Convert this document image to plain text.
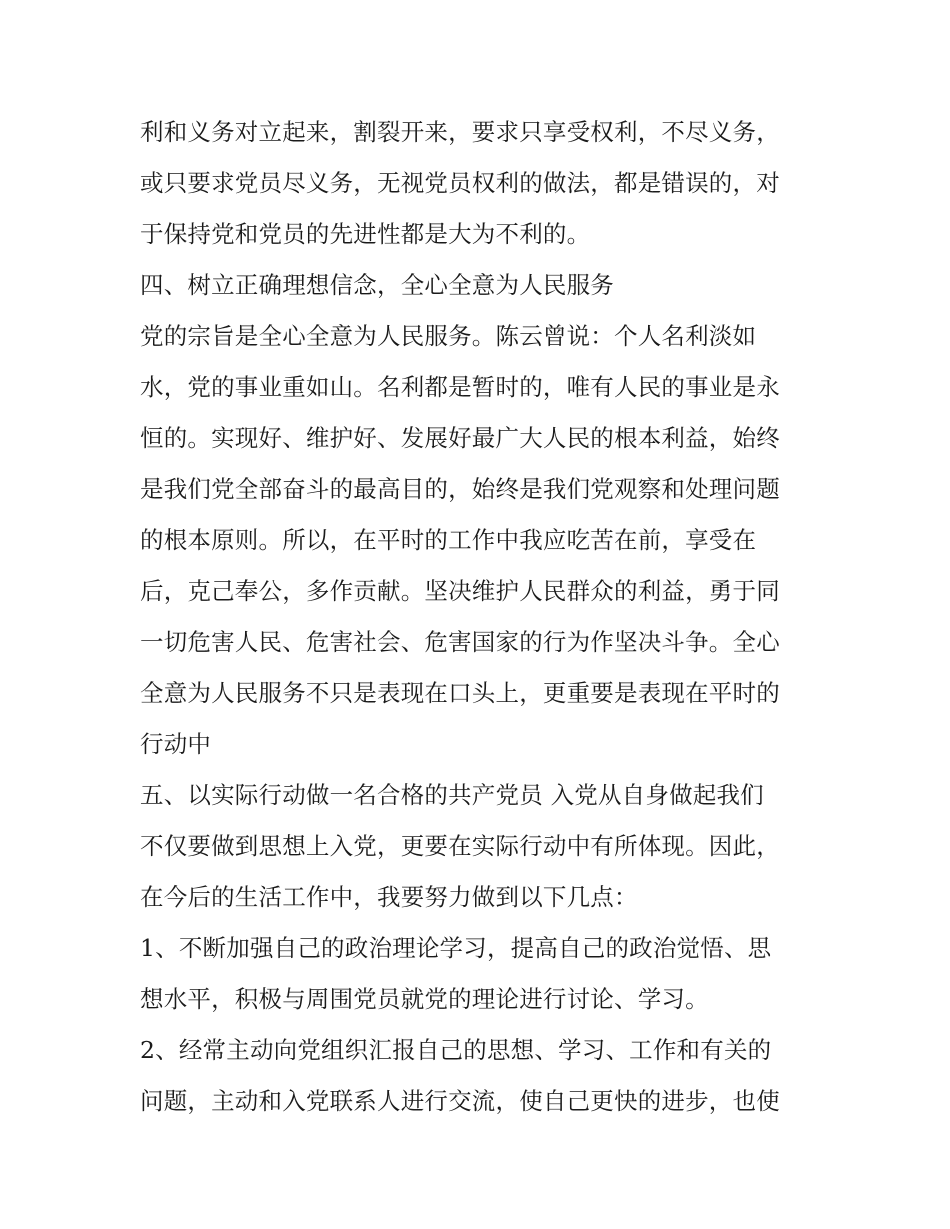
利和义务对立起来，割裂开来，要求只享受权利，不尽义务，
或只要求党员尽义务，无视党员权利的做法，都是错误的，对
于保持党和党员的先进性都是大为不利的。
四、树立正确理想信念，全心全意为人民服务
党的宗旨是全心全意为人民服务。陈云曾说：个人名利淡如
水，党的事业重如山。名利都是暂时的，唯有人民的事业是永
恒的。实现好、维护好、发展好最广大人民的根本利益，始终
是我们党全部奋斗的最高目的，始终是我们党观察和处理问题
的根本原则。所以，在平时的工作中我应吃苦在前，享受在
后，克己奉公，多作贡献。坚决维护人民群众的利益，勇于同
一切危害人民、危害社会、危害国家的行为作坚决斗争。全心
全意为人民服务不只是表现在口头上，更重要是表现在平时的
行动中
五、以实际行动做一名合格的共产党员 入党从自身做起我们
不仅要做到思想上入党，更要在实际行动中有所体现。因此，
在今后的生活工作中，我要努力做到以下几点：
1、不断加强自己的政治理论学习，提高自己的政治觉悟、思
想水平，积极与周围党员就党的理论进行讨论、学习。
2、经常主动向党组织汇报自己的思想、学习、工作和有关的
问题，主动和入党联系人进行交流，使自己更快的进步，也使
